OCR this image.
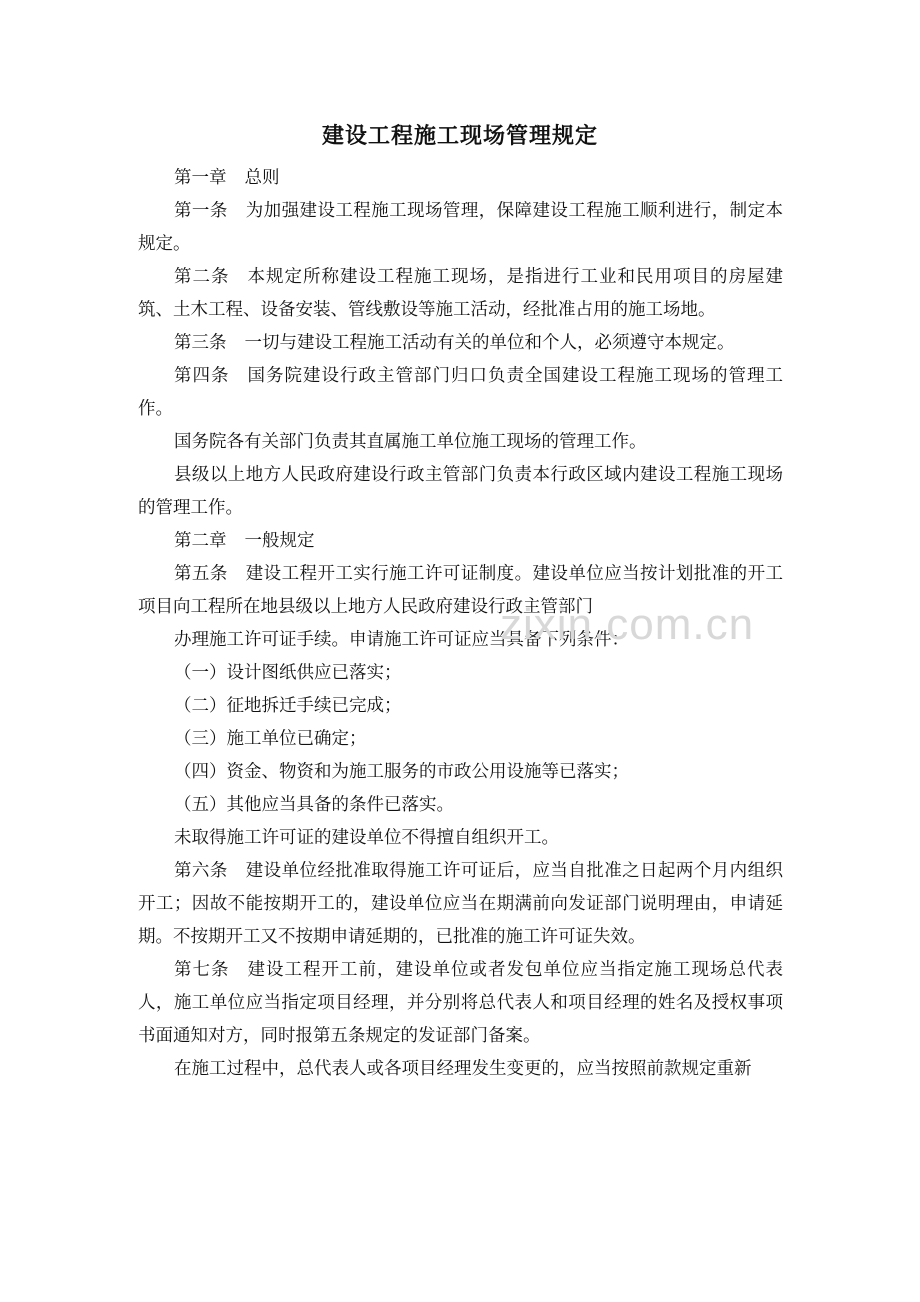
建设工程施工现场管理规定

第一章 总则

第一条 为加强建设工程施工现场管理，保障建设工程施工顺利进行，制定本规定。

第二条 本规定所称建设工程施工现场，是指进行工业和民用项目的房屋建筑、土木工程、设备安装、管线敷设等施工活动，经批准占用的施工场地。

第三条 一切与建设工程施工活动有关的单位和个人，必须遵守本规定。

第四条 国务院建设行政主管部门归口负责全国建设工程施工现场的管理工作。

国务院各有关部门负责其直属施工单位施工现场的管理工作。

县级以上地方人民政府建设行政主管部门负责本行政区域内建设工程施工现场的管理工作。

第二章 一般规定

第五条 建设工程开工实行施工许可证制度。建设单位应当按计划批准的开工项目向工程所在地县级以上地方人民政府建设行政主管部门

办理施工许可证手续。申请施工许可证应当具备下列条件：

（一）设计图纸供应已落实；

（二）征地拆迁手续已完成；

（三）施工单位已确定；

（四）资金、物资和为施工服务的市政公用设施等已落实；

（五）其他应当具备的条件已落实。

未取得施工许可证的建设单位不得擅自组织开工。

第六条 建设单位经批准取得施工许可证后，应当自批准之日起两个月内组织开工；因故不能按期开工的，建设单位应当在期满前向发证部门说明理由，申请延期。不按期开工又不按期申请延期的，已批准的施工许可证失效。

第七条 建设工程开工前，建设单位或者发包单位应当指定施工现场总代表人，施工单位应当指定项目经理，并分别将总代表人和项目经理的姓名及授权事项书面通知对方，同时报第五条规定的发证部门备案。

在施工过程中，总代表人或各项目经理发生变更的，应当按照前款规定重新

zixin.com.cn
